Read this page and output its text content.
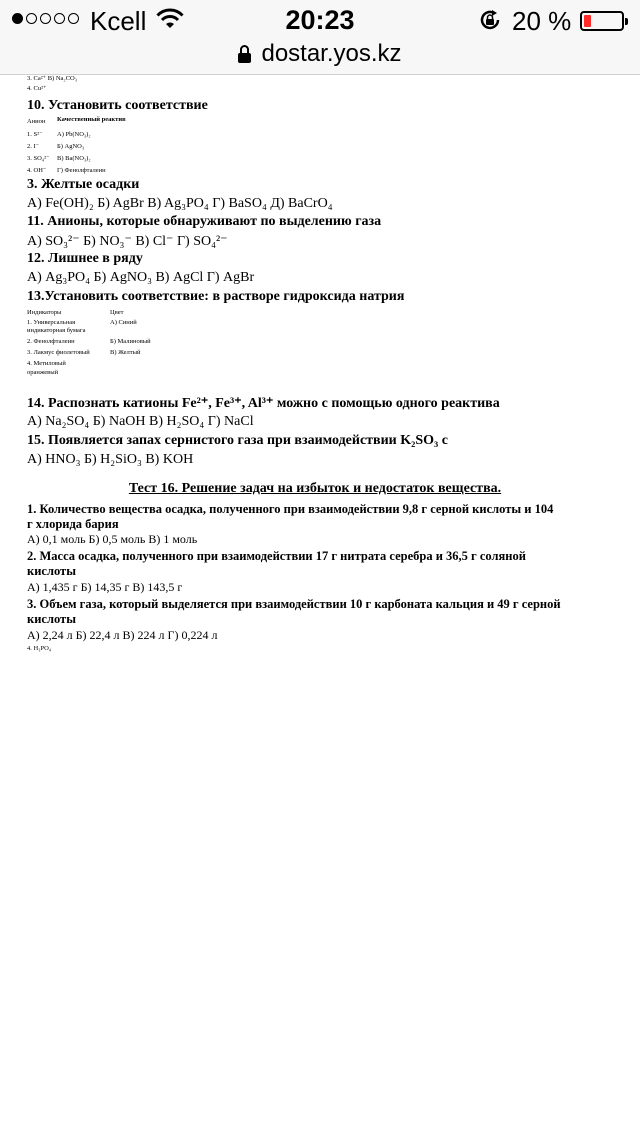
Kcell	20:23	20 %
dostar.yos.kz
3. Ca²⁺ В) Na₂CO₃
4. Cu²⁺
10. Установить соответствие
Анион Качественный реактив
1. S²⁻ А) Pb(NO₃)₂
2. I⁻	Б) AgNO₃
3. SO₄²⁻ В) Ba(NO₃)₂
4. OH⁻ Г) Фенолфталеин
3. Желтые осадки
А) Fe(OH)₂ Б) AgBr В) Ag₃PO₄ Г) BaSO₄ Д) BaCrO₄
11. Анионы, которые обнаруживают по выделению газа
А) SO₃²⁻ Б) NO₃⁻ В) Cl⁻ Г) SO₄²⁻
12. Лишнее в ряду
А) Ag₃PO₄ Б) AgNO₃ В) AgCl Г) AgBr
13.Установить соответствие: в растворе гидроксида натрия
Индикаторы	Цвет
1. Универсальная	А) Синий
индикаторная бумага
2. Фенолфталеин	Б) Малиновый
3. Лакмус фиолетовый	В) Желтый
4. Метиловый
оранжевый
14. Распознать катионы Fe²⁺, Fe³⁺, Al³⁺ можно с помощью одного реактива
А) Na₂SO₄ Б) NaOH В) H₂SO₄ Г) NaCl
15. Появляется запах сернистого газа при взаимодействии K₂SO₃ с
А) HNO₃ Б) H₂SiO₃ В) KOH
Тест 16. Решение задач на избыток и недостаток вещества.
1. Количество вещества осадка, полученного при взаимодействии 9,8 г серной кислоты и 104
г хлорида бария
А) 0,1 моль Б) 0,5 моль В) 1 моль
2. Масса осадка, полученного при взаимодействии 17 г нитрата серебра и 36,5 г соляной
кислоты
А) 1,435 г Б) 14,35 г В) 143,5 г
3. Объем газа, который выделяется при взаимодействии 10 г карбоната кальция и 49 г серной
кислоты
А) 2,24 л Б) 22,4 л В) 224 л Г) 0,224 л
4. H₃PO₄
